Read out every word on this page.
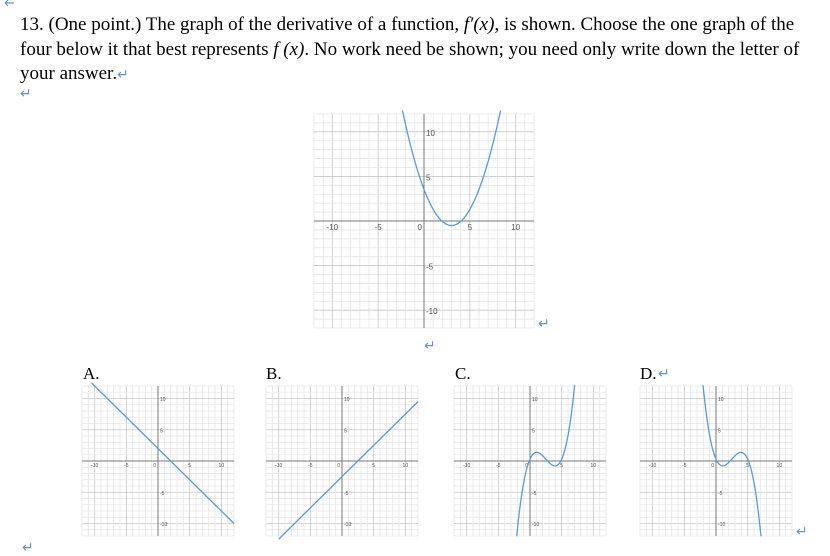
13. (One point.) The graph of the derivative of a function, f′(x), is shown. Choose the one graph of the four below it that best represents f (x). No work need be shown; you need only write down the letter of your answer.↵
↵
-10	-5	5	10
0
10
5
-5
-10
↵
↵
A.	B.	C.	D. ↵
-10	-5	5	10
0
10
5
-5
-10
-10	-5	5	10
0
10
5
-5
-10
-10	-5	5	10
0
10
5
-5
-10
-10	-5	5	10
0
10
5
-5
-10
↵
↵
